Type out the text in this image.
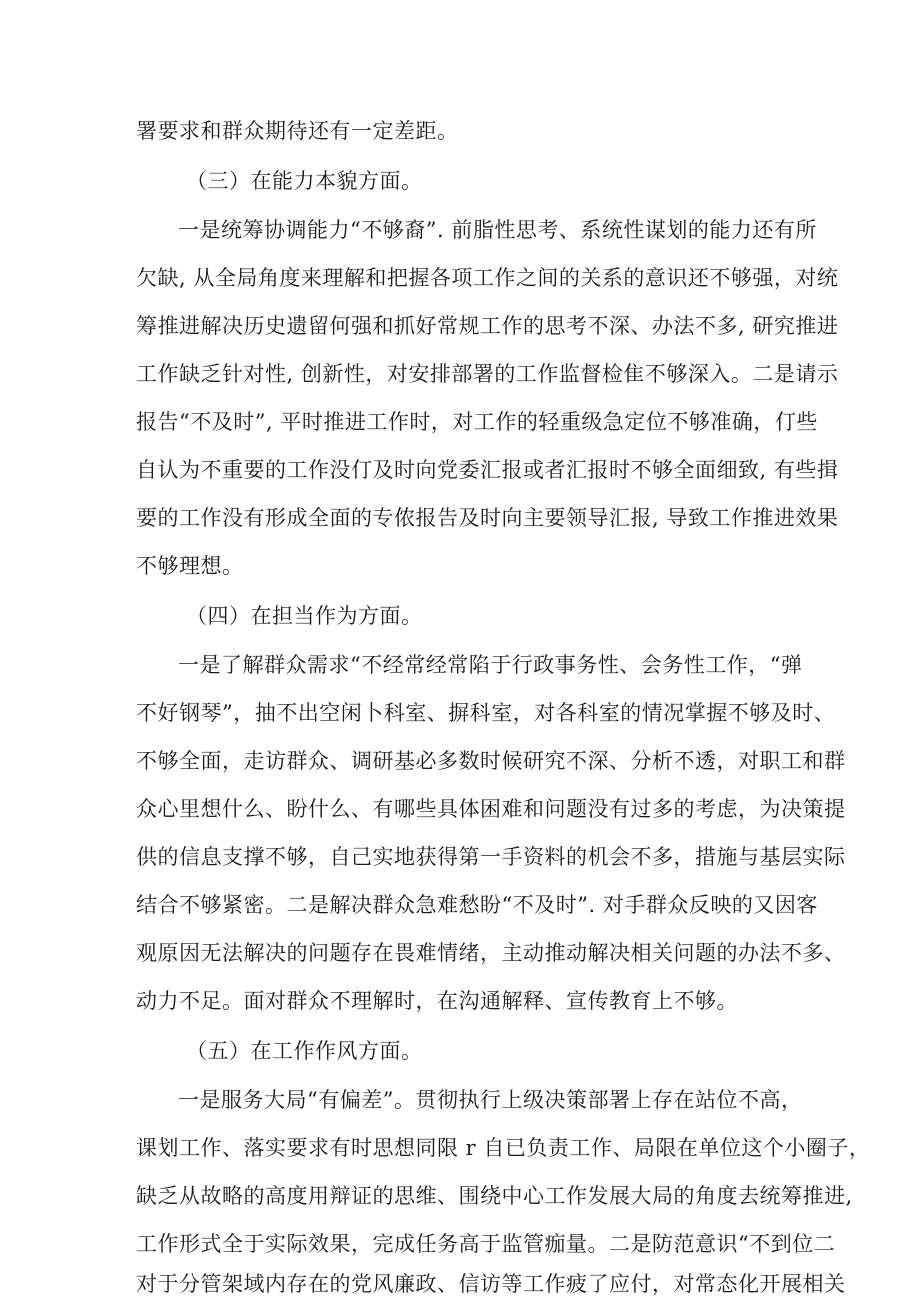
署要求和群众期待还有一定差距。
（三）在能力本貌方面。
一是统筹协调能力“不够裔”. 前脂性思考、系统性谋划的能力还有所
欠缺, 从全局角度来理解和把握各项工作之间的关系的意识还不够强，对统
筹推进解决历史遗留何强和抓好常规工作的思考不深、办法不多, 研究推进
工作缺乏针对性, 创新性，对安排部署的工作监督检隹不够深入。二是请示
报告“不及时”, 平时推进工作时，对工作的轻重级急定位不够准确，仃些
自认为不重要的工作没仃及时向党委汇报或者汇报时不够全面细致, 有些揖
要的工作没有形成全面的专侬报告及时向主要领导汇报, 导致工作推进效果
不够理想。
（四）在担当作为方面。
一是了解群众需求“不经常经常陷于行政事务性、会务性工作，“弹
不好钢琴”，抽不出空闲卜科室、摒科室，对各科室的情况掌握不够及时、
不够全面，走访群众、调研基必多数时候研究不深、分析不透，对职工和群
众心里想什么、盼什么、有哪些具体困难和问题没有过多的考虑，为决策提
供的信息支撑不够，自己实地获得第一手资料的机会不多，措施与基层实际
结合不够紧密。二是解决群众急难愁盼“不及时”. 对手群众反映的又因客
观原因无法解决的问题存在畏难情绪，主动推动解决相关问题的办法不多、
动力不足。面对群众不理解时，在沟通解释、宣传教育上不够。
（五）在工作作风方面。
一是服务大局“有偏差”。贯彻执行上级决策部署上存在站位不高，
课划工作、落实要求有时思想同限 r 自已负责工作、局限在单位这个小圈子，
缺乏从故略的高度用辩证的思维、围绕中心工作发展大局的角度去统筹推进,
工作形式全于实际效果，完成任务高于监管痂量。二是防范意识“不到位二
对于分管架域内存在的党风廉政、信访等工作疲了应付，对常态化开展相关
